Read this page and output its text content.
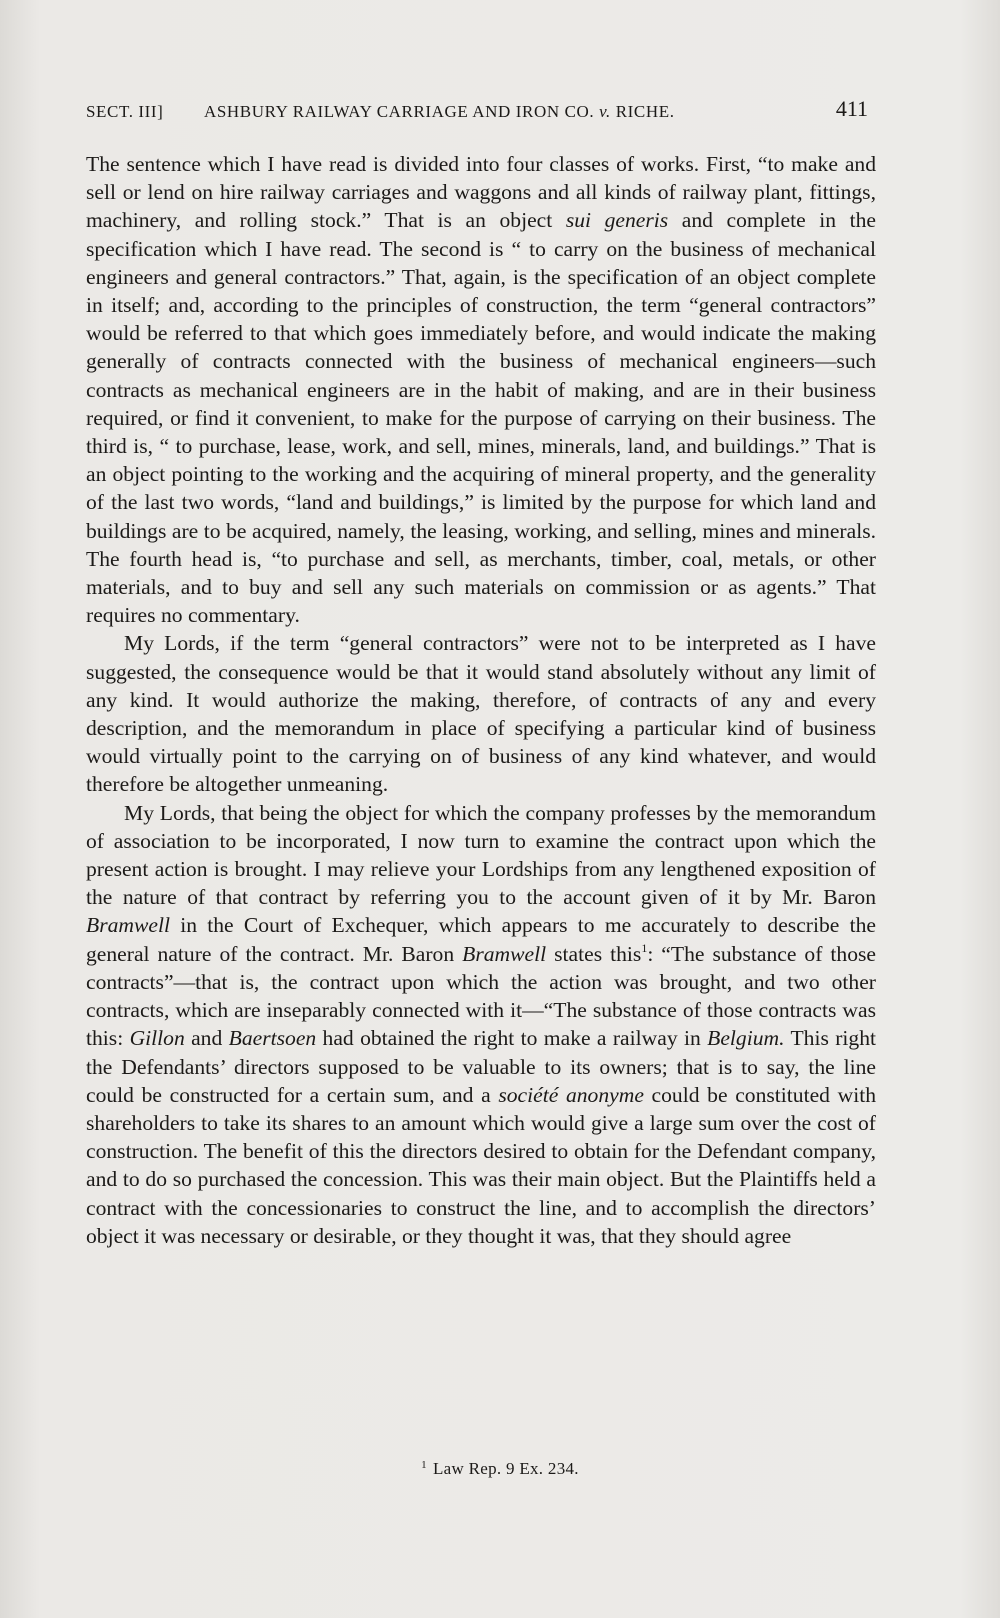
SECT. III] ASHBURY RAILWAY CARRIAGE AND IRON CO. v. RICHE.	411

The sentence which I have read is divided into four classes of works. First, “to make and sell or lend on hire railway carriages and waggons and all kinds of railway plant, fittings, machinery, and rolling stock.” That is an object sui generis and complete in the specification which I have read. The second is “ to carry on the business of mechanical engineers and general contractors.” That, again, is the specification of an object complete in itself; and, according to the principles of construction, the term “general contractors” would be referred to that which goes immediately before, and would indicate the making generally of contracts connected with the business of mechanical engineers—such contracts as mechanical engineers are in the habit of making, and are in their business required, or find it convenient, to make for the purpose of carrying on their business. The third is, “ to purchase, lease, work, and sell, mines, minerals, land, and buildings.” That is an object pointing to the working and the acquiring of mineral property, and the generality of the last two words, “land and buildings,” is limited by the purpose for which land and buildings are to be acquired, namely, the leasing, working, and selling, mines and minerals. The fourth head is, “to purchase and sell, as merchants, timber, coal, metals, or other materials, and to buy and sell any such materials on commission or as agents.” That requires no commentary.

My Lords, if the term “general contractors” were not to be interpreted as I have suggested, the consequence would be that it would stand absolutely without any limit of any kind. It would authorize the making, therefore, of contracts of any and every description, and the memorandum in place of specifying a particular kind of business would virtually point to the carrying on of business of any kind whatever, and would therefore be altogether unmeaning.

My Lords, that being the object for which the company professes by the memorandum of association to be incorporated, I now turn to examine the contract upon which the present action is brought. I may relieve your Lordships from any lengthened exposition of the nature of that contract by referring you to the account given of it by Mr. Baron Bramwell in the Court of Exchequer, which appears to me accurately to describe the general nature of the contract. Mr. Baron Bramwell states this$^1$: “The substance of those contracts”—that is, the contract upon which the action was brought, and two other contracts, which are inseparably connected with it—“The substance of those contracts was this: Gillon and Baertsoen had obtained the right to make a railway in Belgium. This right the Defendants’ directors supposed to be valuable to its owners; that is to say, the line could be constructed for a certain sum, and a société anonyme could be constituted with shareholders to take its shares to an amount which would give a large sum over the cost of construction. The benefit of this the directors desired to obtain for the Defendant company, and to do so purchased the concession. This was their main object. But the Plaintiffs held a contract with the concessionaries to construct the line, and to accomplish the directors’ object it was necessary or desirable, or they thought it was, that they should agree

$^1$ Law Rep. 9 Ex. 234.
